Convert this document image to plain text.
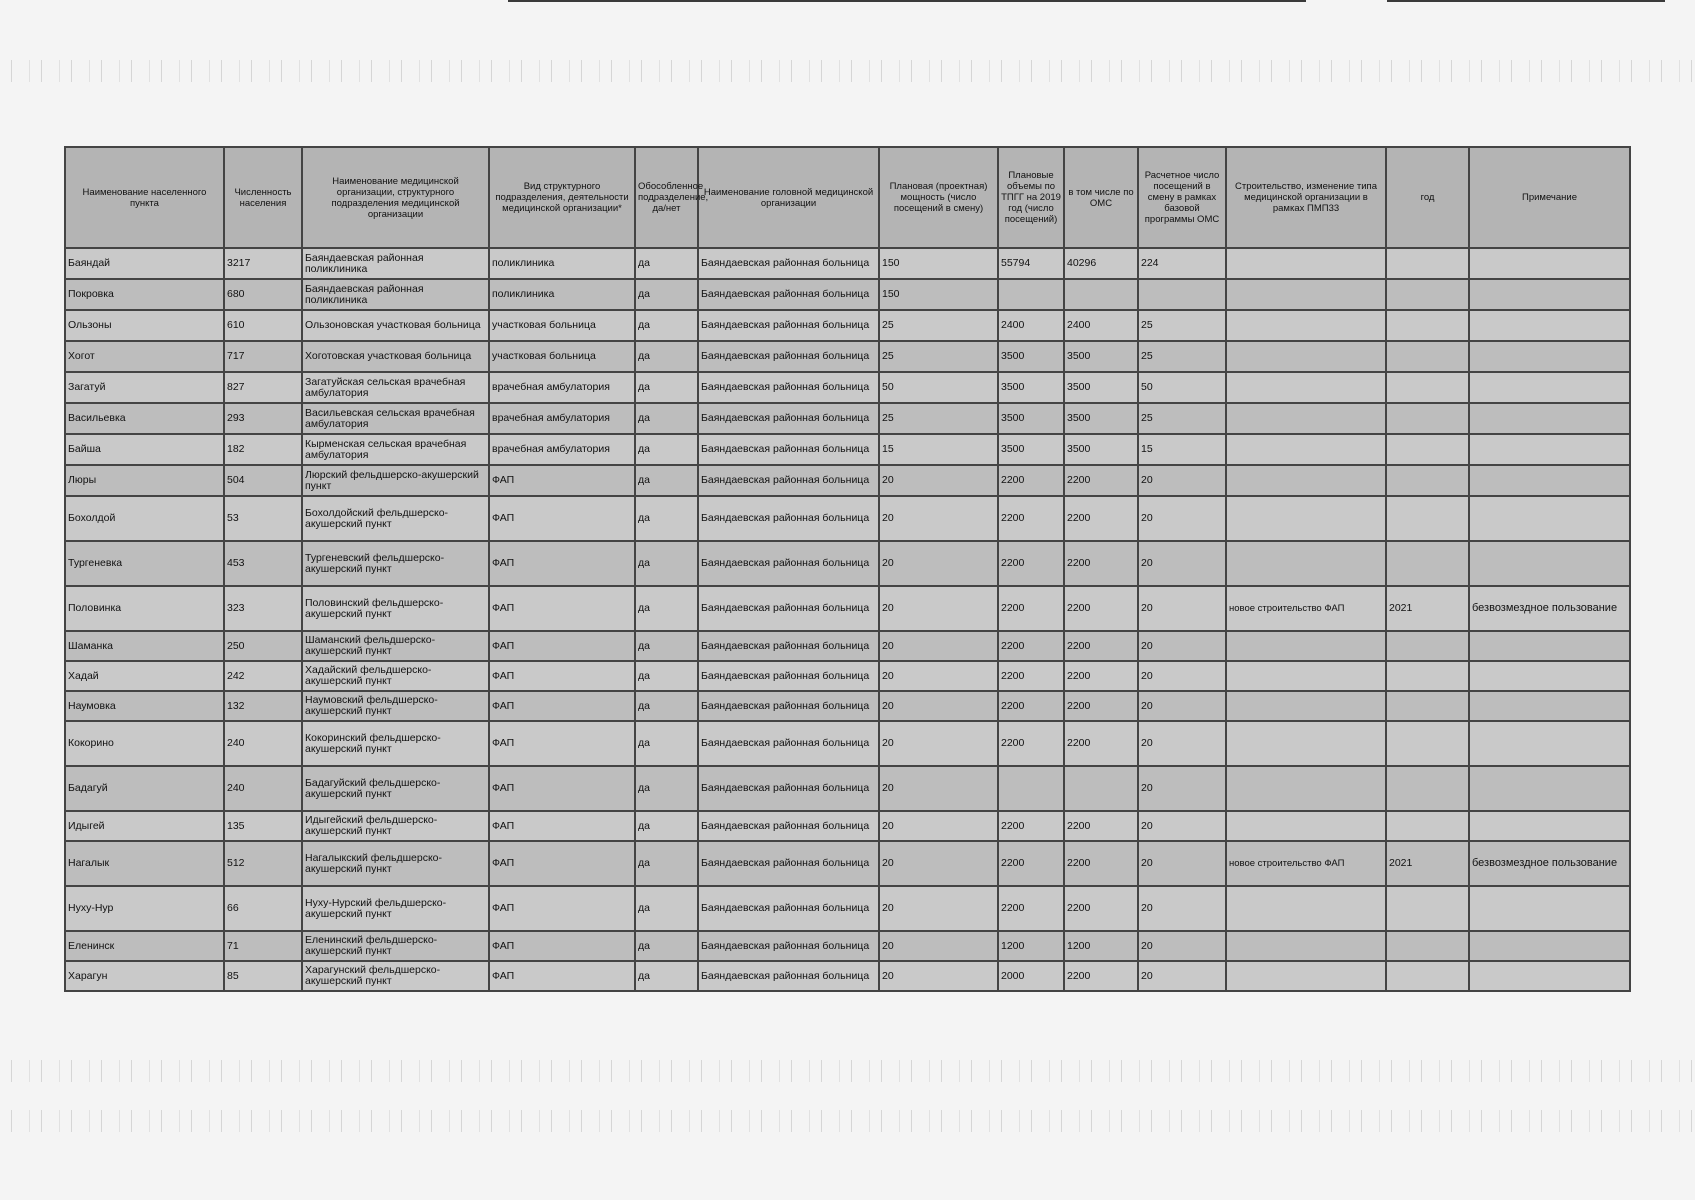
Наименование населенного пункта	Численность населения	Наименование медицинской организации, структурного подразделения медицинской организации	Вид структурного подразделения, деятельности медицинской организации*	Обособленное подразделение, да/нет	Наименование головной медицинской организации	Плановая (проектная) мощность (число посещений в смену)	Плановые объемы по ТПГГ на 2019 год (число посещений)	в том числе по ОМС	Расчетное число посещений в смену в рамках базовой программы ОМС	Строительство, изменение типа медицинской организации в рамках ПМП33	год	Примечание
Баяндай	3217	Баяндаевская районная поликлиника	поликлиника	да	Баяндаевская районная больница	150	55794	40296	224			
Покровка	680	Баяндаевская районная поликлиника	поликлиника	да	Баяндаевская районная больница	150						
Ользоны	610	Ользоновская участковая больница	участковая больница	да	Баяндаевская районная больница	25	2400	2400	25			
Хогот	717	Хоготовская участковая больница	участковая больница	да	Баяндаевская районная больница	25	3500	3500	25			
Загатуй	827	Загатуйская сельская врачебная амбулатория	врачебная амбулатория	да	Баяндаевская районная больница	50	3500	3500	50			
Васильевка	293	Васильевская сельская врачебная амбулатория	врачебная амбулатория	да	Баяндаевская районная больница	25	3500	3500	25			
Байша	182	Кырменская сельская врачебная амбулатория	врачебная амбулатория	да	Баяндаевская районная больница	15	3500	3500	15			
Люры	504	Люрский фельдшерско-акушерский пункт	ФАП	да	Баяндаевская районная больница	20	2200	2200	20			
Бохолдой	53	Бохолдойский фельдшерско-акушерский пункт	ФАП	да	Баяндаевская районная больница	20	2200	2200	20			
Тургеневка	453	Тургеневский фельдшерско-акушерский пункт	ФАП	да	Баяндаевская районная больница	20	2200	2200	20			
Половинка	323	Половинский фельдшерско-акушерский пункт	ФАП	да	Баяндаевская районная больница	20	2200	2200	20	новое строительство ФАП	2021	безвозмездное пользование
Шаманка	250	Шаманский фельдшерско-акушерский пункт	ФАП	да	Баяндаевская районная больница	20	2200	2200	20			
Хадай	242	Хадайский фельдшерско-акушерский пункт	ФАП	да	Баяндаевская районная больница	20	2200	2200	20			
Наумовка	132	Наумовский фельдшерско-акушерский пункт	ФАП	да	Баяндаевская районная больница	20	2200	2200	20			
Кокорино	240	Кокоринский фельдшерско-акушерский пункт	ФАП	да	Баяндаевская районная больница	20	2200	2200	20			
Бадагуй	240	Бадагуйский фельдшерско-акушерский пункт	ФАП	да	Баяндаевская районная больница	20			20			
Идыгей	135	Идыгейский фельдшерско-акушерский пункт	ФАП	да	Баяндаевская районная больница	20	2200	2200	20			
Нагалык	512	Нагалыкский фельдшерско-акушерский пункт	ФАП	да	Баяндаевская районная больница	20	2200	2200	20	новое строительство ФАП	2021	безвозмездное пользование
Нуху-Нур	66	Нуху-Нурский фельдшерско-акушерский пункт	ФАП	да	Баяндаевская районная больница	20	2200	2200	20			
Еленинск	71	Еленинский фельдшерско-акушерский пункт	ФАП	да	Баяндаевская районная больница	20	1200	1200	20			
Харагун	85	Харагунский фельдшерско-акушерский пункт	ФАП	да	Баяндаевская районная больница	20	2000	2200	20			
